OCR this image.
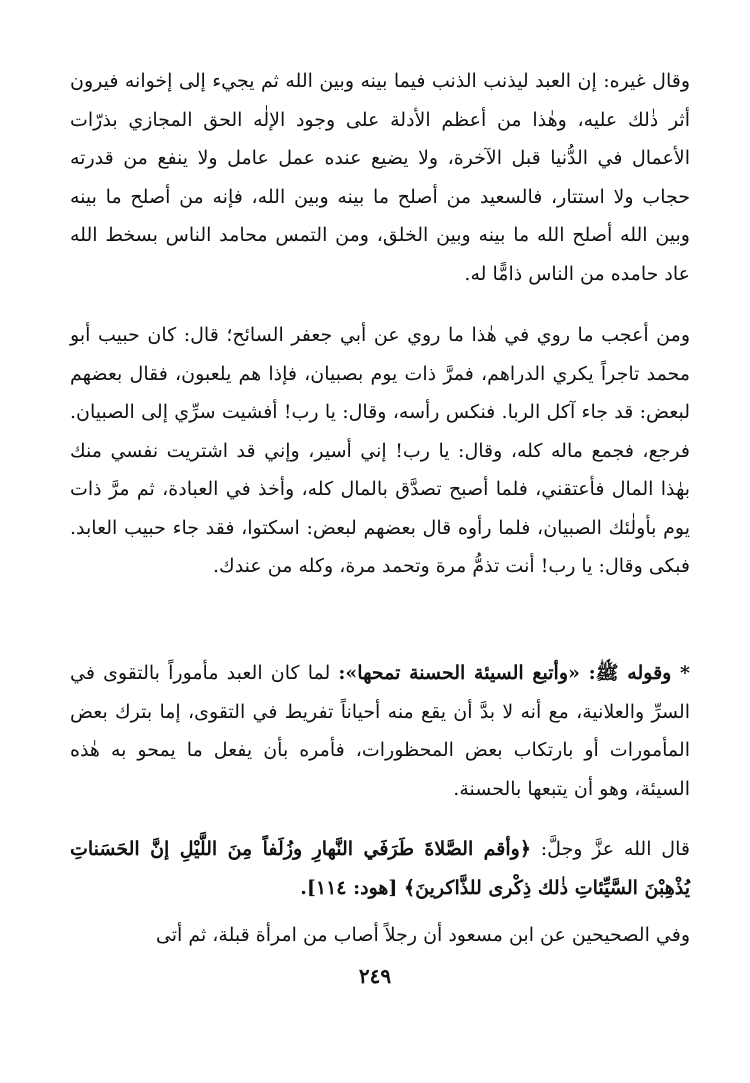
وقال غيره: إن العبد ليذنب الذنب فيما بينه وبين الله ثم يجيء إلى إخوانه فيرون أثر ذٰلك عليه، وهٰذا من أعظم الأدلة على وجود الإلٰه الحق المجازي بذرّات الأعمال في الدُّنيا قبل الآخرة، ولا يضيع عنده عمل عامل ولا ينفع من قدرته حجاب ولا استتار، فالسعيد من أصلح ما بينه وبين الله، فإنه من أصلح ما بينه وبين الله أصلح الله ما بينه وبين الخلق، ومن التمس محامد الناس بسخط الله عاد حامده من الناس ذامًّا له.

ومن أعجب ما روي في هٰذا ما روي عن أبي جعفر السائح؛ قال: كان حبيب أبو محمد تاجراً يكري الدراهم، فمرَّ ذات يوم بصبيان، فإذا هم يلعبون، فقال بعضهم لبعض: قد جاء آكل الربا. فنكس رأسه، وقال: يا رب! أفشيت سرِّي إلى الصبيان. فرجع، فجمع ماله كله، وقال: يا رب! إني أسير، وإني قد اشتريت نفسي منك بهٰذا المال فأعتقني، فلما أصبح تصدَّق بالمال كله، وأخذ في العبادة، ثم مرَّ ذات يوم بأولٰئك الصبيان، فلما رأوه قال بعضهم لبعض: اسكتوا، فقد جاء حبيب العابد. فبكى وقال: يا رب! أنت تذمُّ مرة وتحمد مرة، وكله من عندك.

* وقوله ﷺ: «وأتبع السيئة الحسنة تمحها»: لما كان العبد مأموراً بالتقوى في السرِّ والعلانية، مع أنه لا بدَّ أن يقع منه أحياناً تفريط في التقوى، إما بترك بعض المأمورات أو بارتكاب بعض المحظورات، فأمره بأن يفعل ما يمحو به هٰذه السيئة، وهو أن يتبعها بالحسنة.

قال الله عزَّ وجلَّ: ﴿وأقم الصَّلاةَ طَرَفَي النَّهارِ وزُلَفاً مِنَ اللَّيْلِ إنَّ الحَسَناتِ يُذْهِبْنَ السَّيِّئاتِ ذٰلك ذِكْرى للذَّاكرينَ﴾ [هود: ١١٤].

وفي الصحيحين عن ابن مسعود أن رجلاً أصاب من امرأة قبلة، ثم أتى

٢٤٩
